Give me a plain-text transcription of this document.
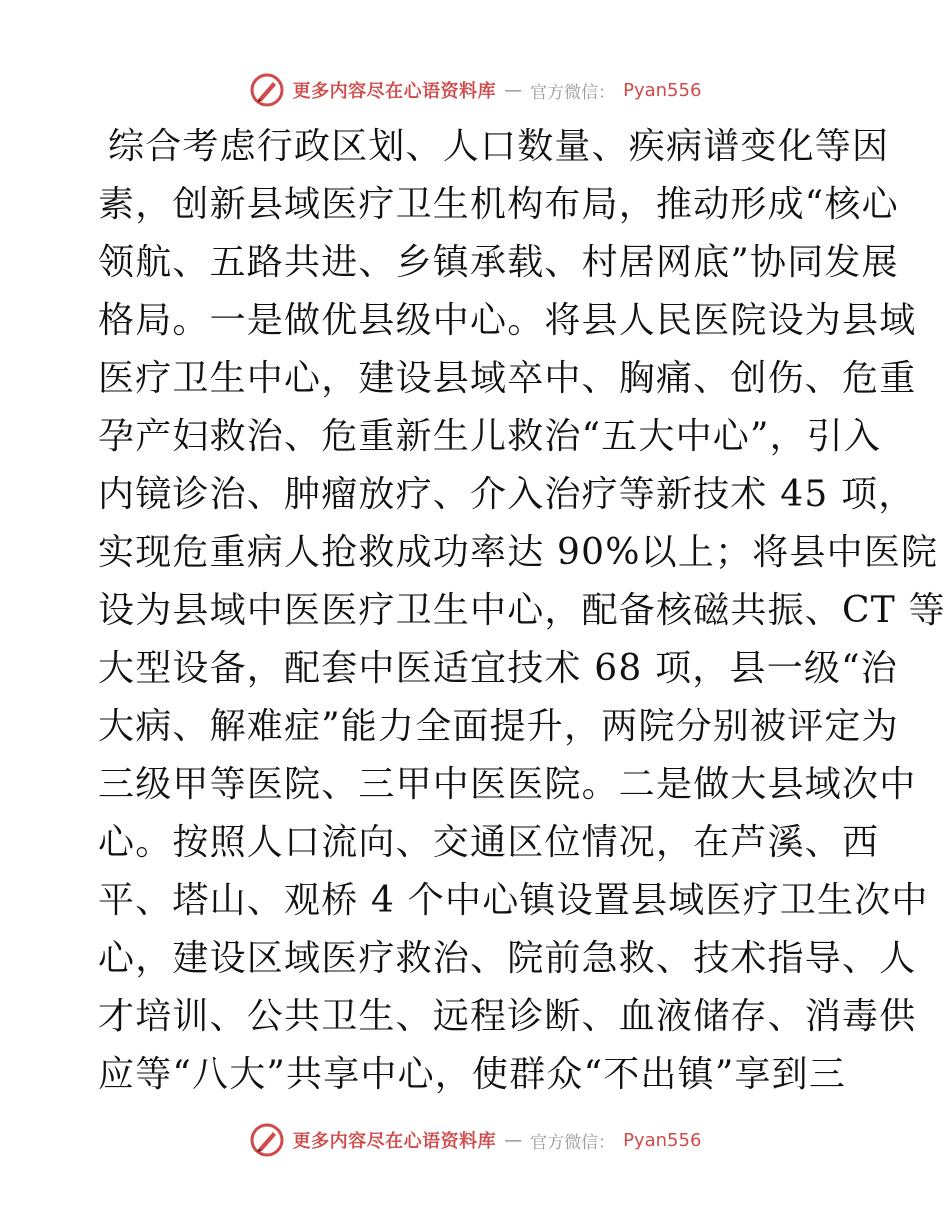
更多内容尽在心语资料库 — 官方微信： Pyan556
综合考虑行政区划、人口数量、疾病谱变化等因
素，创新县域医疗卫生机构布局，推动形成“核心
领航、五路共进、乡镇承载、村居网底”协同发展
格局。一是做优县级中心。将县人民医院设为县域
医疗卫生中心，建设县域卒中、胸痛、创伤、危重
孕产妇救治、危重新生儿救治“五大中心”，引入
内镜诊治、肿瘤放疗、介入治疗等新技术 45 项，
实现危重病人抢救成功率达 90%以上；将县中医院
设为县域中医医疗卫生中心，配备核磁共振、CT 等
大型设备，配套中医适宜技术 68 项，县一级“治
大病、解难症”能力全面提升，两院分别被评定为
三级甲等医院、三甲中医医院。二是做大县域次中
心。按照人口流向、交通区位情况，在芦溪、西
平、塔山、观桥 4 个中心镇设置县域医疗卫生次中
心，建设区域医疗救治、院前急救、技术指导、人
才培训、公共卫生、远程诊断、血液储存、消毒供
应等“八大”共享中心，使群众“不出镇”享到三
更多内容尽在心语资料库 — 官方微信： Pyan556
